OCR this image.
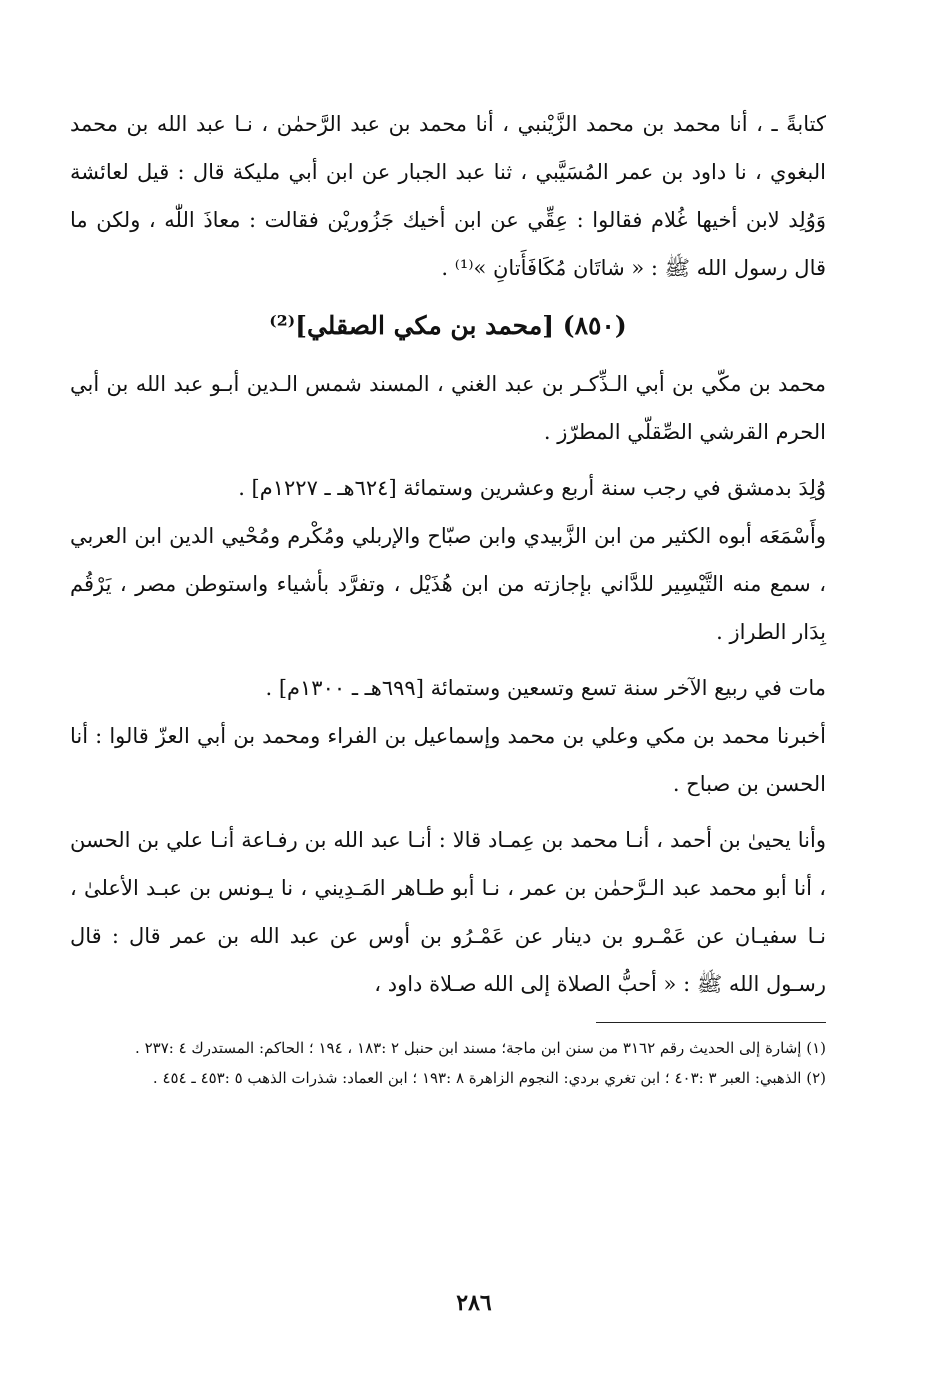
كتابةً ـ ، أنا محمد بن محمد الزَّيْنبي ، أنا محمد بن عبد الرَّحمٰن ، نـا عبد الله بن محمد البغوي ، نا داود بن عمر المُسَيَّبي ، ثنا عبد الجبار عن ابن أبي مليكة قال : قيل لعائشة وَوُلِد لابن أخيها غُلام فقالوا : عِقِّي عن ابن أخيك جَزُوريْن فقالت : معاذَ اللّٰه ، ولكن ما قال رسول الله ﷺ : « شاتَان مُكَافَأَتانِ »⁽¹⁾ .

(٨٥٠) [محمد بن مكي الصقلي]⁽²⁾

محمد بن مكّي بن أبي الـذِّكـر بن عبد الغني ، المسند شمس الـدين أبـو عبد الله بن أبي الحرم القرشي الصِّقلّي المطرّز .

وُلِدَ بدمشق في رجب سنة أربع وعشرين وستمائة [٦٢٤هـ ـ ١٢٢٧م] .

وأَسْمَعَه أبوه الكثير من ابن الزَّبيدي وابن صبّاح والإربلي ومُكْرم ومُحْيي الدين ابن العربي ، سمع منه التَّيْسِير للدَّاني بإجازته من ابن هُذَيْل ، وتفرَّد بأشياء واستوطن مصر ، يَرْقُم بِدَار الطراز .

مات في ربيع الآخر سنة تسع وتسعين وستمائة [٦٩٩هـ ـ ١٣٠٠م] .

أخبرنا محمد بن مكي وعلي بن محمد وإسماعيل بن الفراء ومحمد بن أبي العزّ قالوا : أنا الحسن بن صباح .

وأنا يحيىٰ بن أحمد ، أنـا محمد بن عِمـاد قالا : أنـا عبد الله بن رفـاعة أنـا علي بن الحسن ، أنا أبو محمد عبد الـرَّحمٰن بن عمر ، نـا أبو طـاهر المَـدِيني ، نا يـونس بن عبـد الأعلىٰ ، نـا سفيـان عن عَمْـرو بن دينار عن عَمْـرُو بن أوس عن عبد الله بن عمر قال : قال رسـول الله ﷺ : « أحبُّ الصلاة إلى الله صـلاة داود ،

(١) إشارة إلى الحديث رقم ٣١٦٢ من سنن ابن ماجة؛ مسند ابن حنبل ٢ :١٨٣ ، ١٩٤ ؛ الحاكم: المستدرك ٤ :٢٣٧ .

(٢) الذهبي: العبر ٣ :٤٠٣ ؛ ابن تغري بردي: النجوم الزاهرة ٨ :١٩٣ ؛ ابن العماد: شذرات الذهب ٥ :٤٥٣ ـ ٤٥٤ .

٢٨٦
